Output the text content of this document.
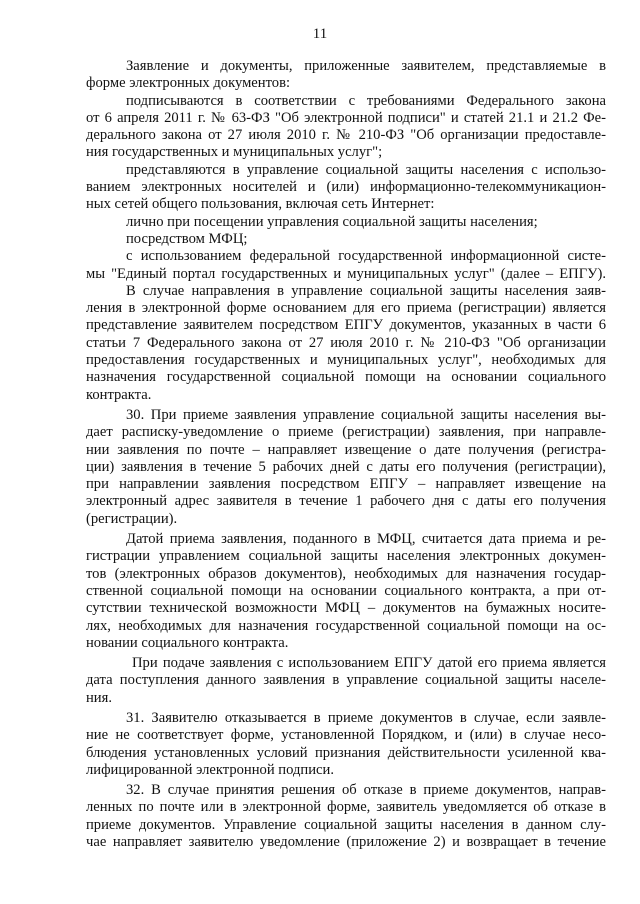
11
Заявление и документы, приложенные заявителем, представляемые в
форме электронных документов:
подписываются в соответствии с требованиями Федерального закона
от 6 апреля 2011 г. № 63-ФЗ "Об электронной подписи" и статей 21.1 и 21.2 Фе-
дерального закона от 27 июля 2010 г. № 210-ФЗ "Об организации предоставле-
ния государственных и муниципальных услуг";
представляются в управление социальной защиты населения с использо-
ванием электронных носителей и (или) информационно-телекоммуникацион-
ных сетей общего пользования, включая сеть Интернет:
лично при посещении управления социальной защиты населения;
посредством МФЦ;
с использованием федеральной государственной информационной систе-
мы "Единый портал государственных и муниципальных услуг" (далее – ЕПГУ).
В случае направления в управление социальной защиты населения заяв-
ления в электронной форме основанием для его приема (регистрации) является
представление заявителем посредством ЕПГУ документов, указанных в части 6
статьи 7 Федерального закона от 27 июля 2010 г. № 210-ФЗ "Об организации
предоставления государственных и муниципальных услуг", необходимых для
назначения государственной социальной помощи на основании социального
контракта.
30. При приеме заявления управление социальной защиты населения вы-
дает расписку-уведомление о приеме (регистрации) заявления, при направле-
нии заявления по почте – направляет извещение о дате получения (регистра-
ции) заявления в течение 5 рабочих дней с даты его получения (регистрации),
при направлении заявления посредством ЕПГУ – направляет извещение на
электронный адрес заявителя в течение 1 рабочего дня с даты его получения
(регистрации).
Датой приема заявления, поданного в МФЦ, считается дата приема и ре-
гистрации управлением социальной защиты населения электронных докумен-
тов (электронных образов документов), необходимых для назначения государ-
ственной социальной помощи на основании социального контракта, а при от-
сутствии технической возможности МФЦ – документов на бумажных носите-
лях, необходимых для назначения государственной социальной помощи на ос-
новании социального контракта.
При подаче заявления с использованием ЕПГУ датой его приема является
дата поступления данного заявления в управление социальной защиты населе-
ния.
31. Заявителю отказывается в приеме документов в случае, если заявле-
ние не соответствует форме, установленной Порядком, и (или) в случае несо-
блюдения установленных условий признания действительности усиленной ква-
лифицированной электронной подписи.
32. В случае принятия решения об отказе в приеме документов, направ-
ленных по почте или в электронной форме, заявитель уведомляется об отказе в
приеме документов. Управление социальной защиты населения в данном слу-
чае направляет заявителю уведомление (приложение 2) и возвращает в течение
